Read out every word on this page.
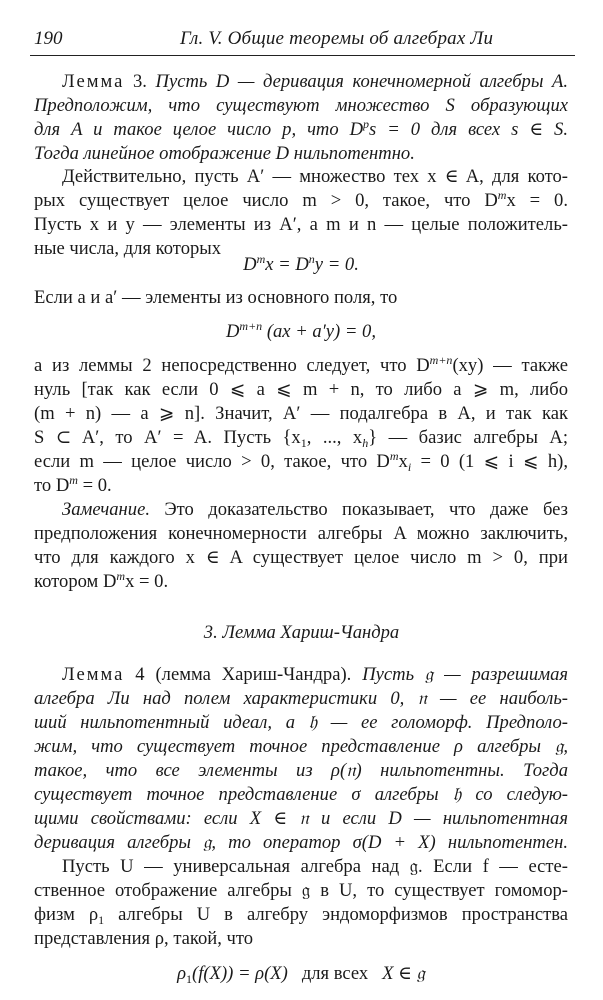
190	Гл. V. Общие теоремы об алгебрах Ли
Лемма 3. Пусть D — деривация конечномерной алгебры A.
Предположим, что существуют множество S образующих
для A и такое целое число p, что $D^ps = 0$ для всех s ∈ S.
Тогда линейное отображение D нильпотентно.
Действительно, пусть A′ — множество тех x ∈ A, для кото-
рых существует целое число m > 0, такое, что $D^mx = 0$.
Пусть x и y — элементы из A′, а m и n — целые положитель-
ные числа, для которых
$D^mx = D^ny = 0$.
Если a и a′ — элементы из основного поля, то
$D^{m+n}$ (ax + a′y) = 0,
а из леммы 2 непосредственно следует, что $D^{m+n}(xy)$ — также
нуль [так как если 0 ⩽ a ⩽ m + n, то либо a ⩾ m, либо
(m + n) — a ⩾ n]. Значит, A′ — подалгебра в A, и так как
S ⊂ A′, то A′ = A. Пусть {$x_1$, ..., $x_h$} — базис алгебры A;
если m — целое число > 0, такое, что $D^mx_i = 0$ (1 ⩽ i ⩽ h),
то $D^m = 0$.
Замечание. Это доказательство показывает, что даже без
предположения конечномерности алгебры A можно заключить,
что для каждого x ∈ A существует целое число m > 0, при
котором $D^mx = 0$.
3. Лемма Хариш-Чандра
Лемма 4 (лемма Хариш-Чандра). Пусть 𝔤 — разрешимая
алгебра Ли над полем характеристики 0, 𝔫 — ее наиболь-
ший нильпотентный идеал, а 𝔥 — ее голоморф. Предполо-
жим, что существует точное представление ρ алгебры 𝔤,
такое, что все элементы из ρ(𝔫) нильпотентны. Тогда
существует точное представление σ алгебры 𝔥 со следую-
щими свойствами: если X ∈ 𝔫 и если D — нильпотентная
деривация алгебры 𝔤, то оператор σ(D + X) нильпотентен.
Пусть U — универсальная алгебра над 𝔤. Если f — есте-
ственное отображение алгебры 𝔤 в U, то существует гомомор-
физм $\rho_1$ алгебры U в алгебру эндоморфизмов пространства
представления ρ, такой, что
$\rho_1(f(X)) = \rho(X)$ для всех X ∈ 𝔤
